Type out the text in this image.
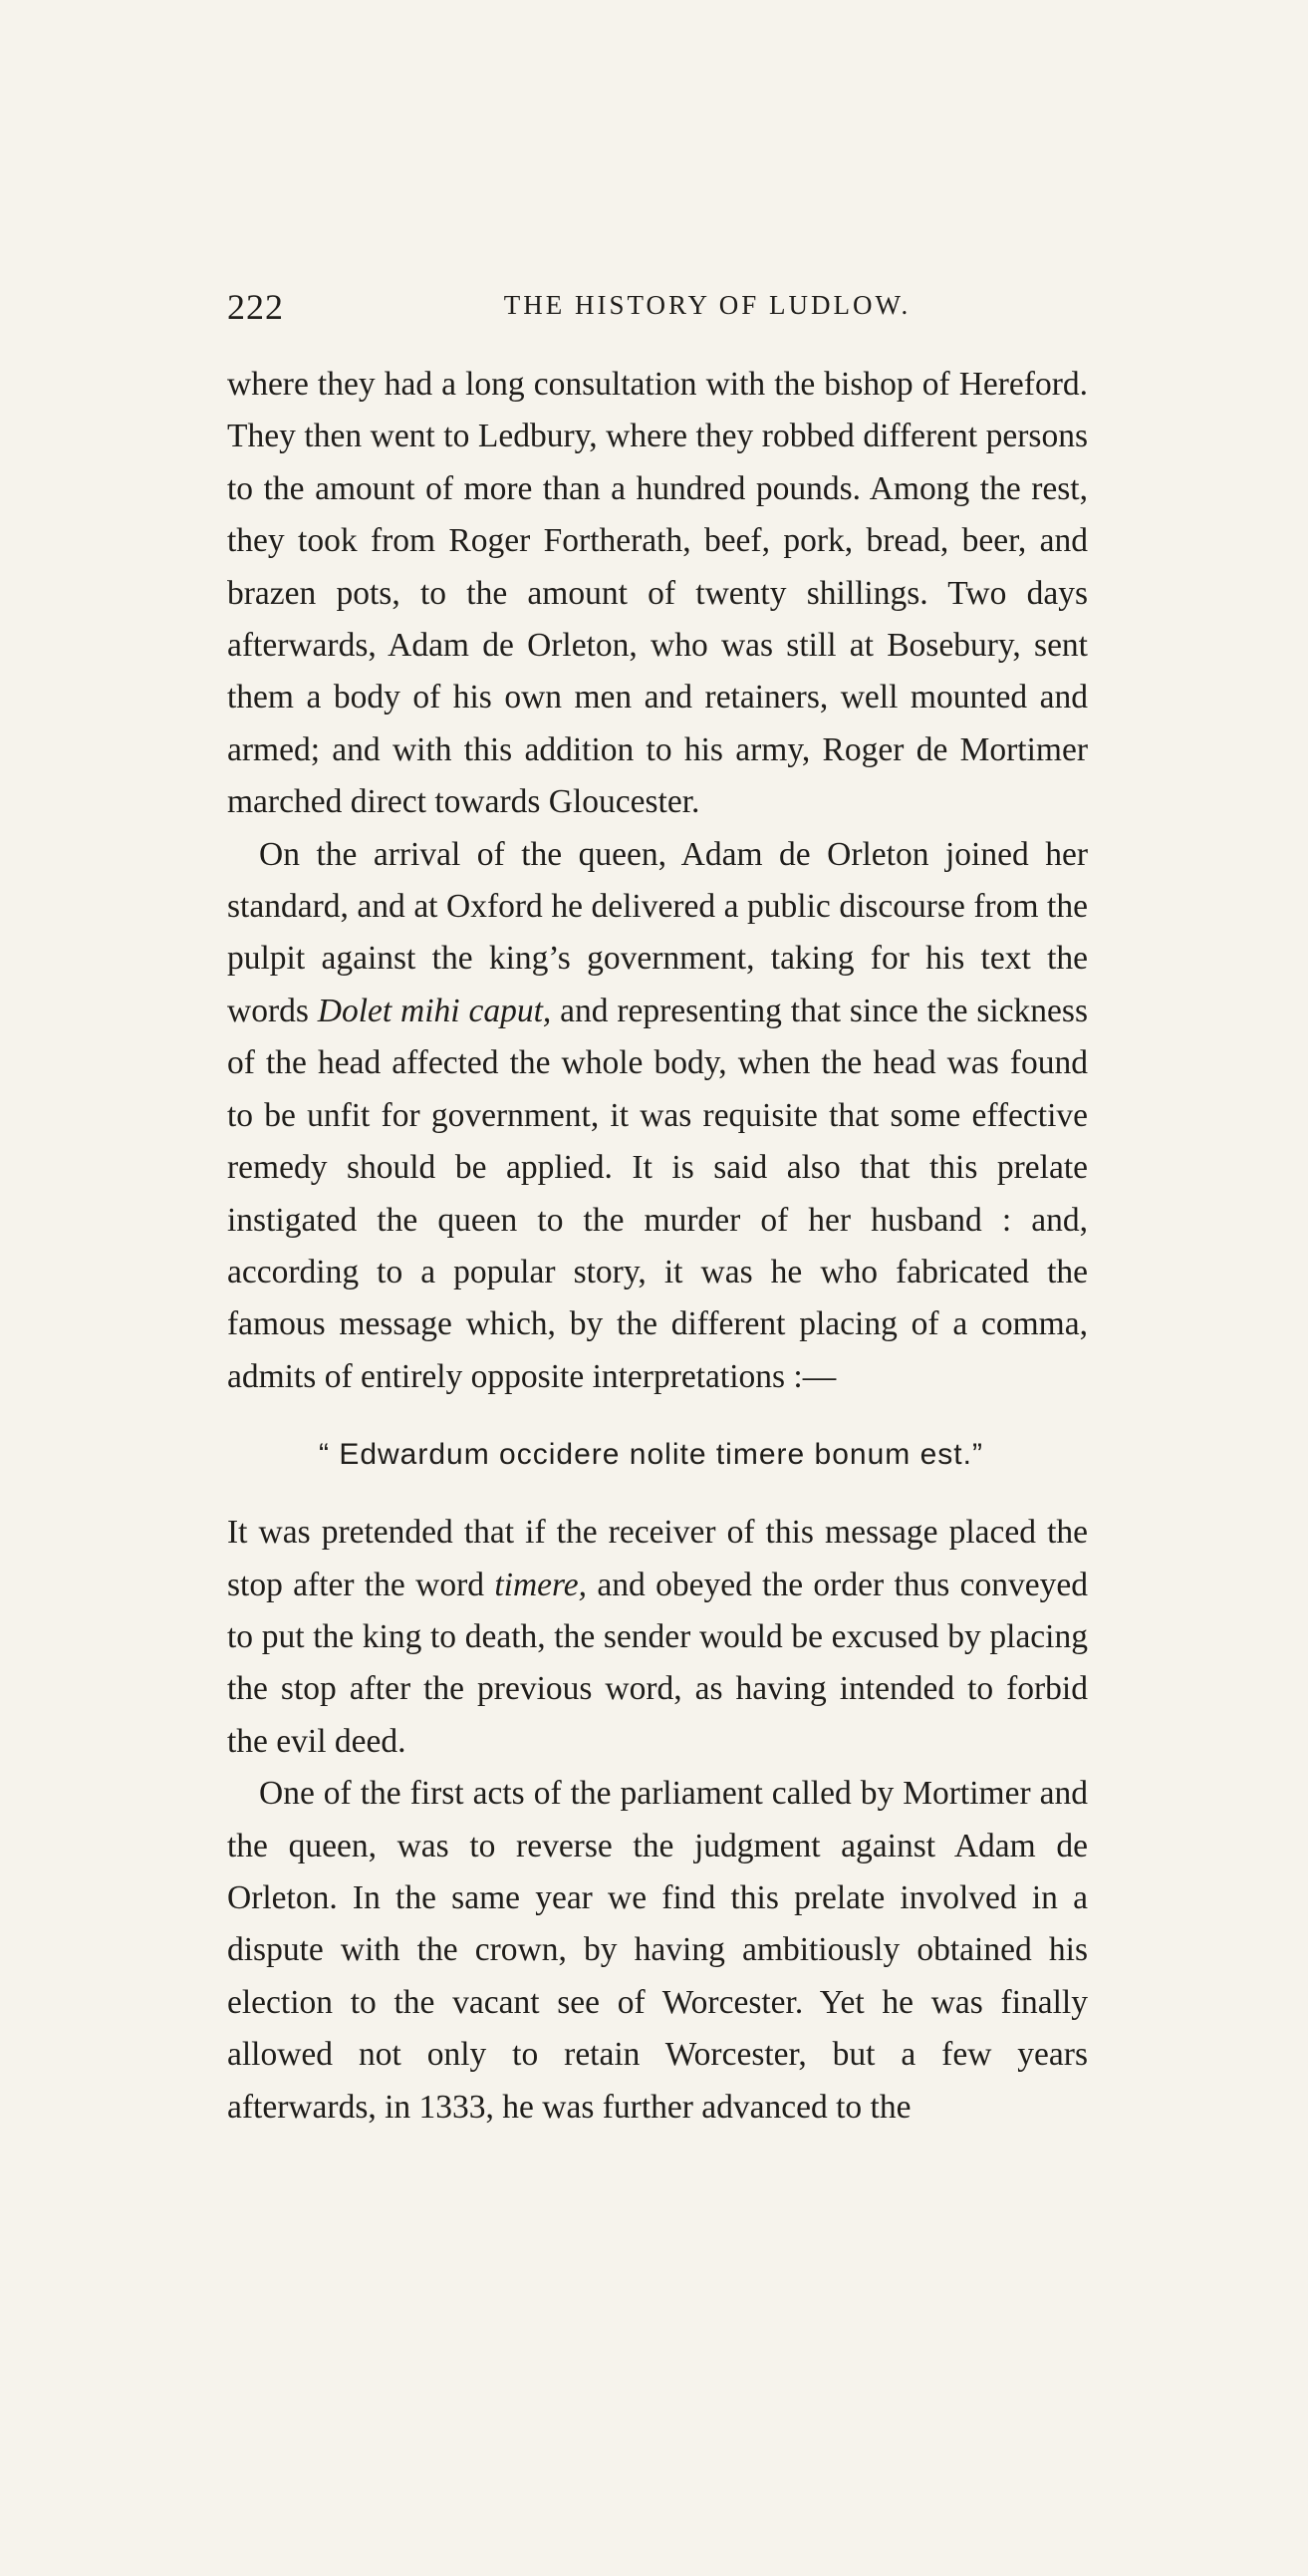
222	THE HISTORY OF LUDLOW.

where they had a long consultation with the bishop of Hereford. They then went to Ledbury, where they robbed different persons to the amount of more than a hundred pounds. Among the rest, they took from Roger Fortherath, beef, pork, bread, beer, and brazen pots, to the amount of twenty shillings. Two days afterwards, Adam de Orleton, who was still at Bosebury, sent them a body of his own men and retainers, well mounted and armed; and with this addition to his army, Roger de Mortimer marched direct towards Gloucester.

On the arrival of the queen, Adam de Orleton joined her standard, and at Oxford he delivered a public discourse from the pulpit against the king’s government, taking for his text the words Dolet mihi caput, and representing that since the sickness of the head affected the whole body, when the head was found to be unfit for government, it was requisite that some effective remedy should be applied. It is said also that this prelate instigated the queen to the murder of her husband : and, according to a popular story, it was he who fabricated the famous message which, by the different placing of a comma, admits of entirely opposite interpretations :—

“ Edwardum occidere nolite timere bonum est.”

It was pretended that if the receiver of this message placed the stop after the word timere, and obeyed the order thus conveyed to put the king to death, the sender would be excused by placing the stop after the previous word, as having intended to forbid the evil deed.

One of the first acts of the parliament called by Mortimer and the queen, was to reverse the judgment against Adam de Orleton. In the same year we find this prelate involved in a dispute with the crown, by having ambitiously obtained his election to the vacant see of Worcester. Yet he was finally allowed not only to retain Worcester, but a few years afterwards, in 1333, he was further advanced to the
